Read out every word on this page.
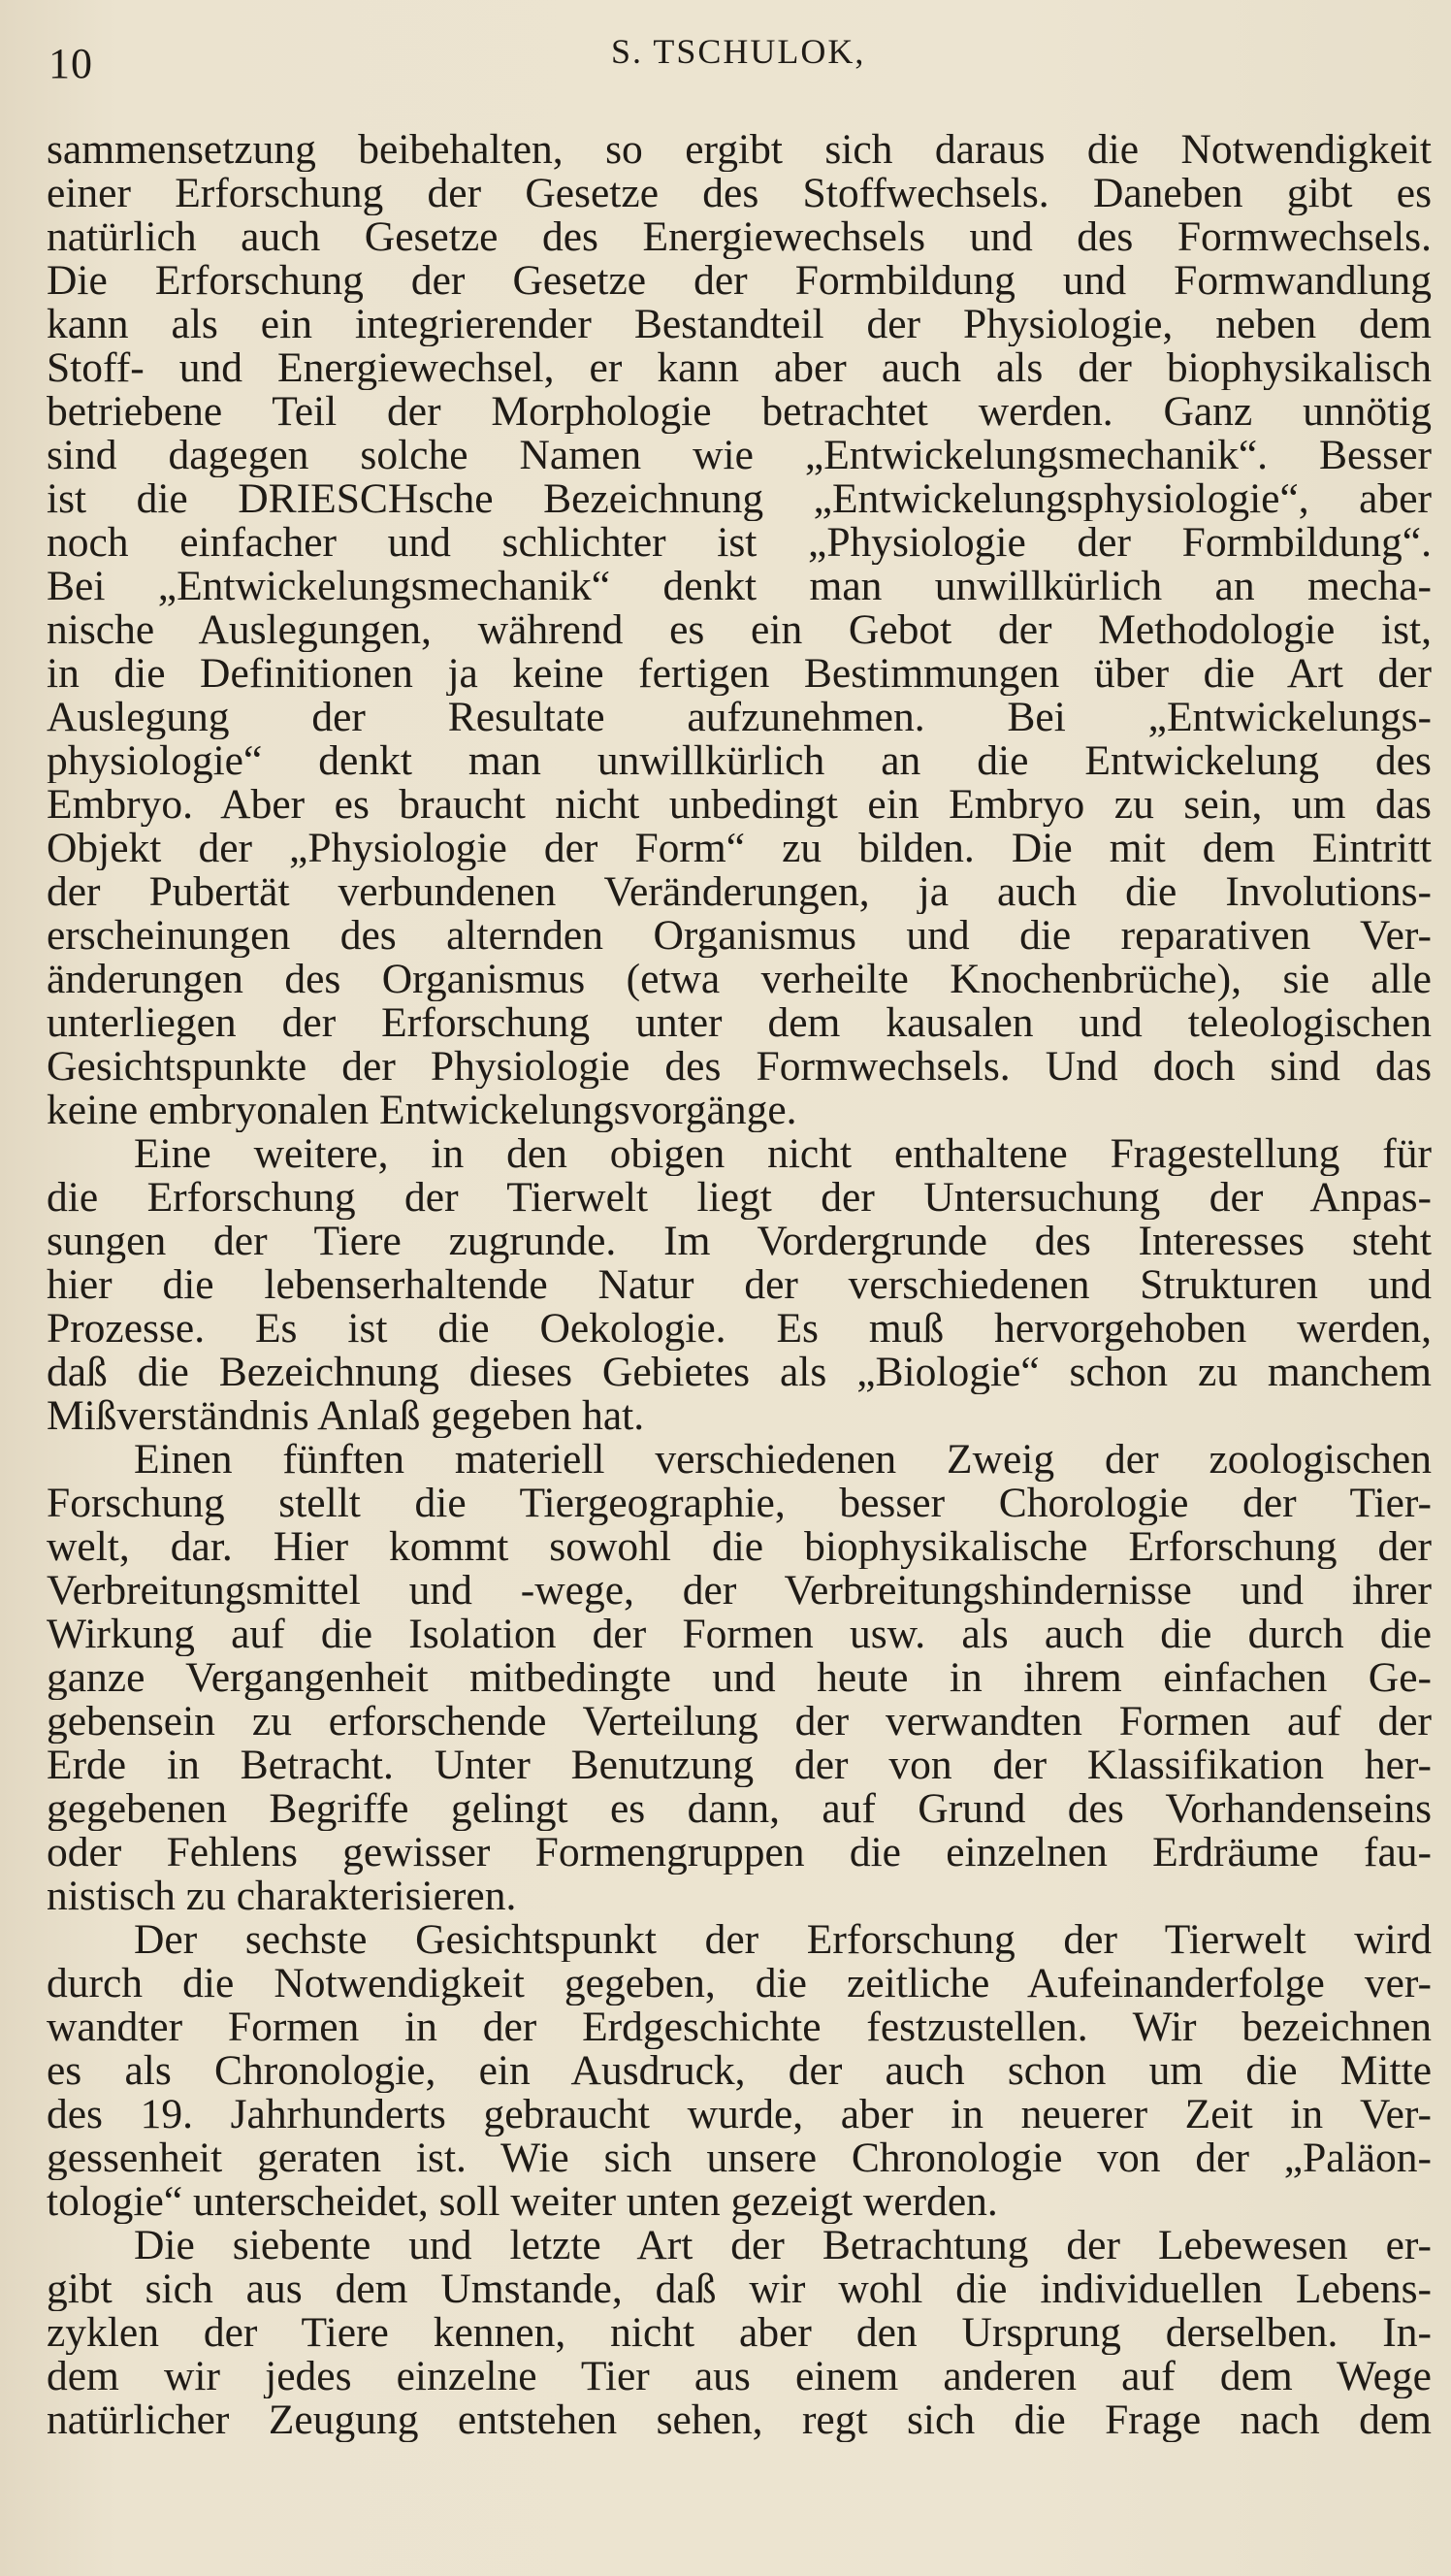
10	S. TSCHULOK,
sammensetzung beibehalten, so ergibt sich daraus die Notwendigkeit
einer Erforschung der Gesetze des Stoffwechsels. Daneben gibt es
natürlich auch Gesetze des Energiewechsels und des Formwechsels.
Die Erforschung der Gesetze der Formbildung und Formwandlung
kann als ein integrierender Bestandteil der Physiologie, neben dem
Stoff- und Energiewechsel, er kann aber auch als der biophysikalisch
betriebene Teil der Morphologie betrachtet werden. Ganz unnötig
sind dagegen solche Namen wie „Entwickelungsmechanik“. Besser
ist die DRIESCHsche Bezeichnung „Entwickelungsphysiologie“, aber
noch einfacher und schlichter ist „Physiologie der Formbildung“.
Bei „Entwickelungsmechanik“ denkt man unwillkürlich an mecha-
nische Auslegungen, während es ein Gebot der Methodologie ist,
in die Definitionen ja keine fertigen Bestimmungen über die Art der
Auslegung der Resultate aufzunehmen. Bei „Entwickelungs-
physiologie“ denkt man unwillkürlich an die Entwickelung des
Embryo. Aber es braucht nicht unbedingt ein Embryo zu sein, um das
Objekt der „Physiologie der Form“ zu bilden. Die mit dem Eintritt
der Pubertät verbundenen Veränderungen, ja auch die Involutions-
erscheinungen des alternden Organismus und die reparativen Ver-
änderungen des Organismus (etwa verheilte Knochenbrüche), sie alle
unterliegen der Erforschung unter dem kausalen und teleologischen
Gesichtspunkte der Physiologie des Formwechsels. Und doch sind das
keine embryonalen Entwickelungsvorgänge.
Eine weitere, in den obigen nicht enthaltene Fragestellung für
die Erforschung der Tierwelt liegt der Untersuchung der Anpas-
sungen der Tiere zugrunde. Im Vordergrunde des Interesses steht
hier die lebenserhaltende Natur der verschiedenen Strukturen und
Prozesse. Es ist die Oekologie. Es muß hervorgehoben werden,
daß die Bezeichnung dieses Gebietes als „Biologie“ schon zu manchem
Mißverständnis Anlaß gegeben hat.
Einen fünften materiell verschiedenen Zweig der zoologischen
Forschung stellt die Tiergeographie, besser Chorologie der Tier-
welt, dar. Hier kommt sowohl die biophysikalische Erforschung der
Verbreitungsmittel und -wege, der Verbreitungshindernisse und ihrer
Wirkung auf die Isolation der Formen usw. als auch die durch die
ganze Vergangenheit mitbedingte und heute in ihrem einfachen Ge-
gebensein zu erforschende Verteilung der verwandten Formen auf der
Erde in Betracht. Unter Benutzung der von der Klassifikation her-
gegebenen Begriffe gelingt es dann, auf Grund des Vorhandenseins
oder Fehlens gewisser Formengruppen die einzelnen Erdräume fau-
nistisch zu charakterisieren.
Der sechste Gesichtspunkt der Erforschung der Tierwelt wird
durch die Notwendigkeit gegeben, die zeitliche Aufeinanderfolge ver-
wandter Formen in der Erdgeschichte festzustellen. Wir bezeichnen
es als Chronologie, ein Ausdruck, der auch schon um die Mitte
des 19. Jahrhunderts gebraucht wurde, aber in neuerer Zeit in Ver-
gessenheit geraten ist. Wie sich unsere Chronologie von der „Paläon-
tologie“ unterscheidet, soll weiter unten gezeigt werden.
Die siebente und letzte Art der Betrachtung der Lebewesen er-
gibt sich aus dem Umstande, daß wir wohl die individuellen Lebens-
zyklen der Tiere kennen, nicht aber den Ursprung derselben. In-
dem wir jedes einzelne Tier aus einem anderen auf dem Wege
natürlicher Zeugung entstehen sehen, regt sich die Frage nach dem
